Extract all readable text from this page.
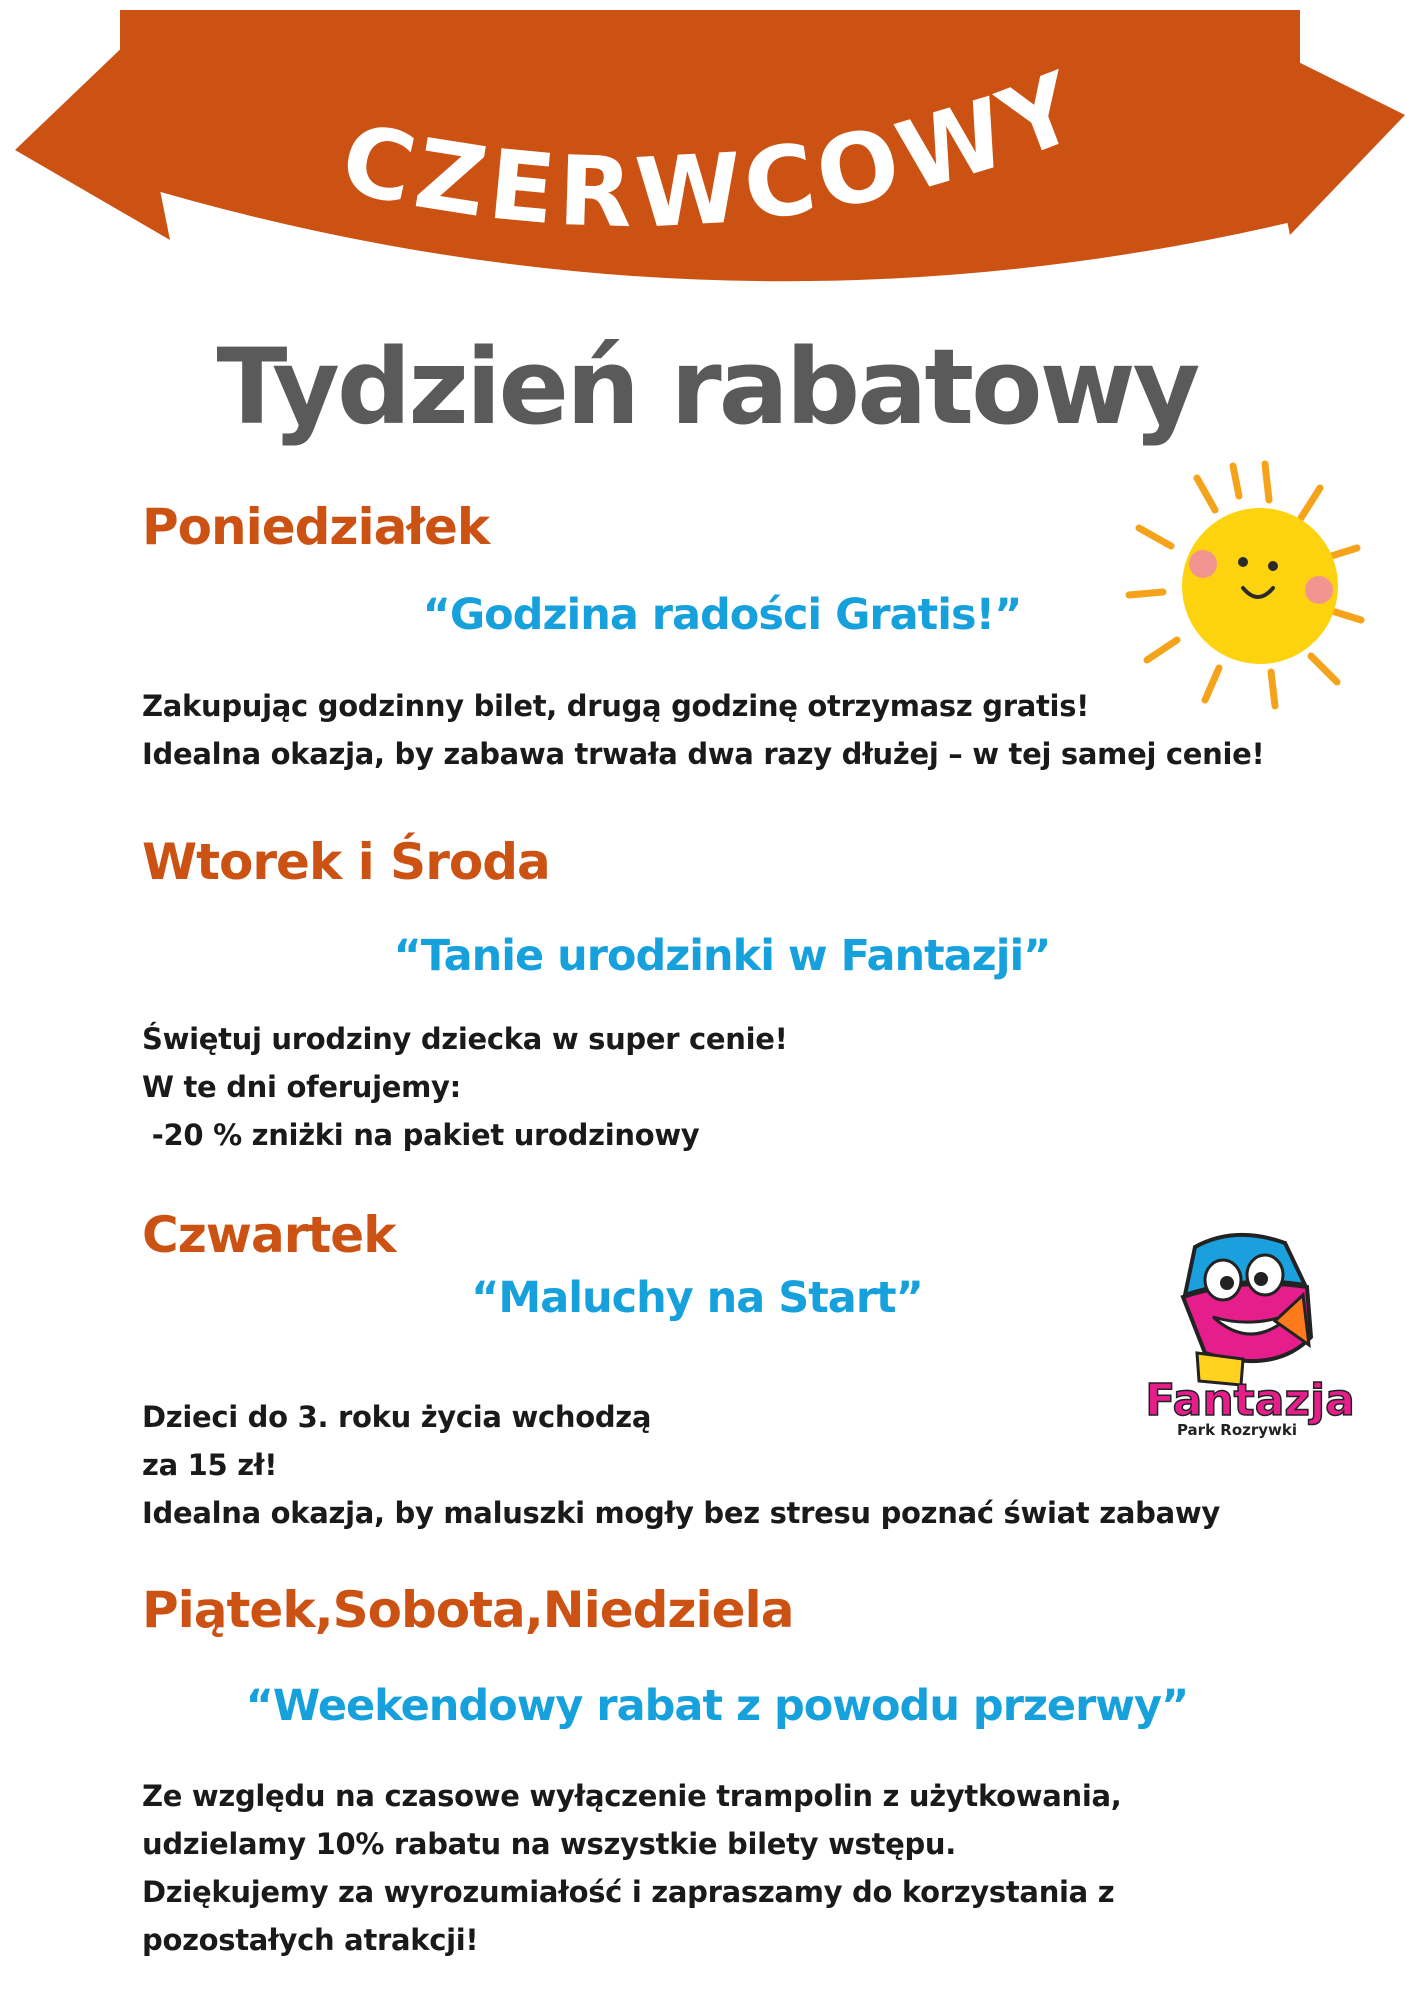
CZERWCOWY
Tydzień rabatowy
Poniedziałek
“Godzina radości Gratis!”

Zakupując godzinny bilet, drugą godzinę otrzymasz gratis!
Idealna okazja, by zabawa trwała dwa razy dłużej – w tej samej cenie!

Wtorek i Środa
“Tanie urodzinki w Fantazji”

Świętuj urodziny dziecka w super cenie!
W te dni oferujemy:
-20 % zniżki na pakiet urodzinowy

Czwartek
“Maluchy na Start”

Dzieci do 3. roku życia wchodzą
za 15 zł!
Idealna okazja, by maluszki mogły bez stresu poznać świat zabawy

Piątek,Sobota,Niedziela
“Weekendowy rabat z powodu przerwy”

Ze względu na czasowe wyłączenie trampolin z użytkowania,
udzielamy 10% rabatu na wszystkie bilety wstępu.
Dziękujemy za wyrozumiałość i zapraszamy do korzystania z
pozostałych atrakcji!

Fantazja
Park Rozrywki
